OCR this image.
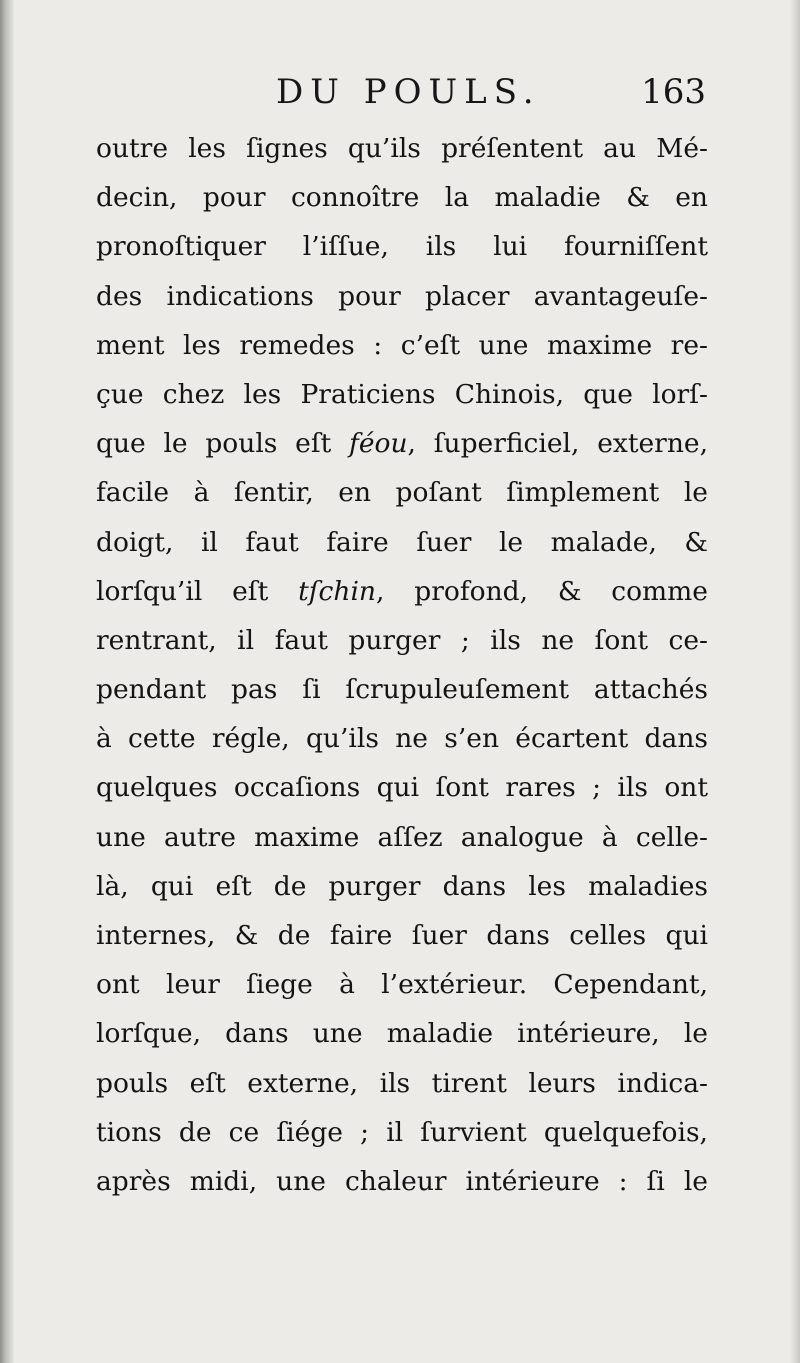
DU POULS.	163
outre les ſignes qu’ils préſentent au Mé-
decin, pour connoître la maladie & en
pronoſtiquer l’iſſue, ils lui fourniſſent
des indications pour placer avantageuſe-
ment les remedes : c’eſt une maxime re-
çue chez les Praticiens Chinois, que lorſ-
que le pouls eſt féou, ſuperficiel, externe,
facile à ſentir, en poſant ſimplement le
doigt, il faut faire ſuer le malade, &
lorſqu’il eſt tſchin, profond, & comme
rentrant, il faut purger ; ils ne ſont ce-
pendant pas ſi ſcrupuleuſement attachés
à cette régle, qu’ils ne s’en écartent dans
quelques occaſions qui ſont rares ; ils ont
une autre maxime aſſez analogue à celle-
là, qui eſt de purger dans les maladies
internes, & de faire ſuer dans celles qui
ont leur ſiege à l’extérieur. Cependant,
lorſque, dans une maladie intérieure, le
pouls eſt externe, ils tirent leurs indica-
tions de ce ſiége ; il ſurvient quelquefois,
après midi, une chaleur intérieure : ſi le
